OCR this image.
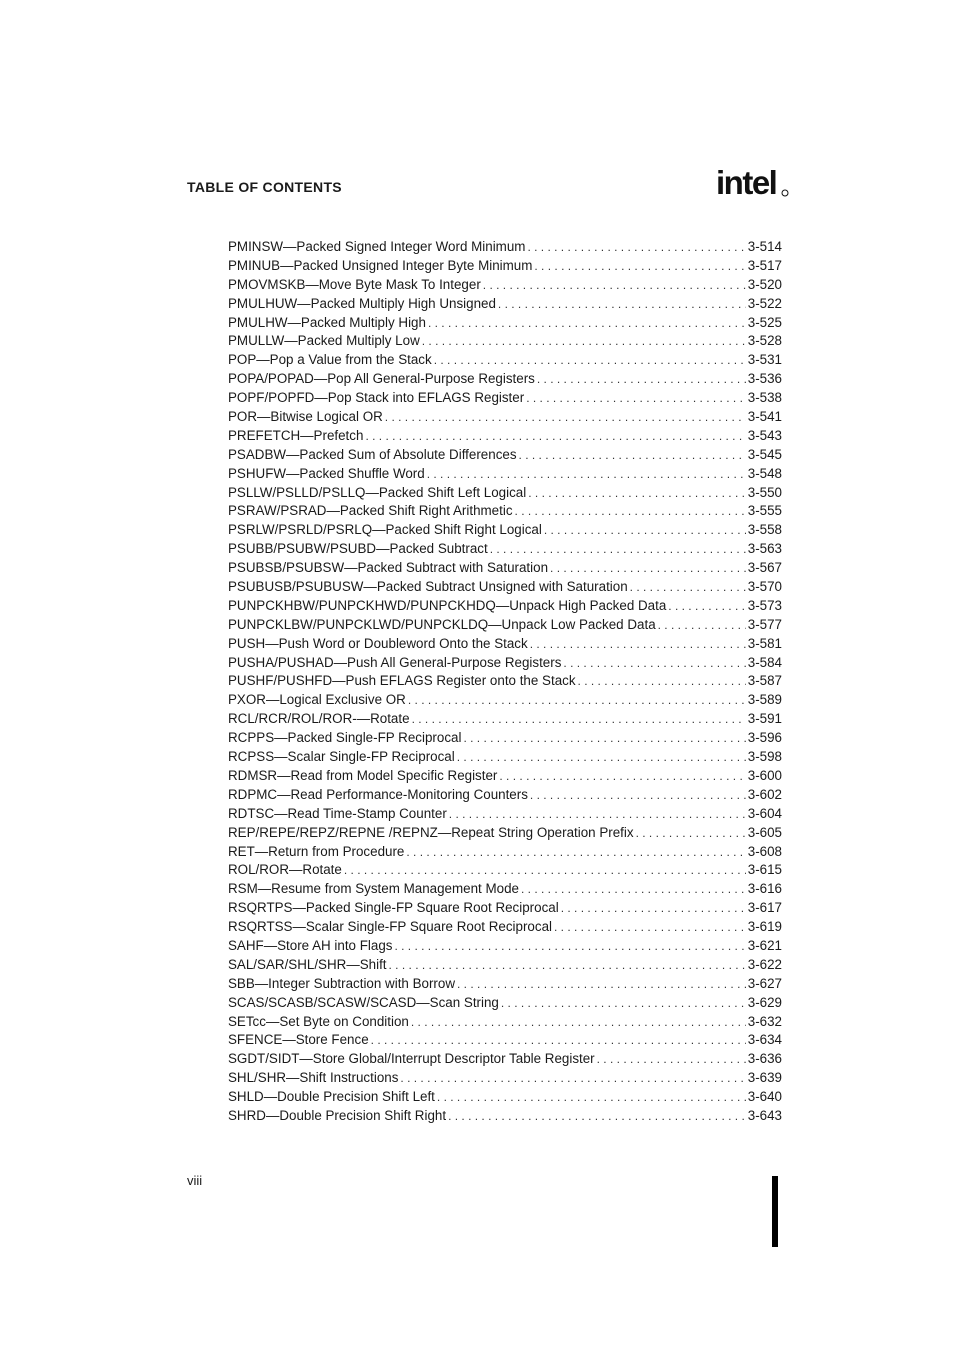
TABLE OF CONTENTS	intel
PMINSW—Packed Signed Integer Word Minimum . . .	3-514
PMINUB—Packed Unsigned Integer Byte Minimum . . .	3-517
PMOVMSKB—Move Byte Mask To Integer . . .	3-520
PMULHUW—Packed Multiply High Unsigned . . .	3-522
PMULHW—Packed Multiply High . . .	3-525
PMULLW—Packed Multiply Low . . .	3-528
POP—Pop a Value from the Stack . . .	3-531
POPA/POPAD—Pop All General-Purpose Registers . . .	3-536
POPF/POPFD—Pop Stack into EFLAGS Register . . .	3-538
POR—Bitwise Logical OR . . .	3-541
PREFETCH—Prefetch . . .	3-543
PSADBW—Packed Sum of Absolute Differences . . .	3-545
PSHUFW—Packed Shuffle Word . . .	3-548
PSLLW/PSLLD/PSLLQ—Packed Shift Left Logical . . .	3-550
PSRAW/PSRAD—Packed Shift Right Arithmetic . . .	3-555
PSRLW/PSRLD/PSRLQ—Packed Shift Right Logical . . .	3-558
PSUBB/PSUBW/PSUBD—Packed Subtract . . .	3-563
PSUBSB/PSUBSW—Packed Subtract with Saturation . . .	3-567
PSUBUSB/PSUBUSW—Packed Subtract Unsigned with Saturation . . .	3-570
PUNPCKHBW/PUNPCKHWD/PUNPCKHDQ—Unpack High Packed Data . . .	3-573
PUNPCKLBW/PUNPCKLWD/PUNPCKLDQ—Unpack Low Packed Data . . .	3-577
PUSH—Push Word or Doubleword Onto the Stack . . .	3-581
PUSHA/PUSHAD—Push All General-Purpose Registers . . .	3-584
PUSHF/PUSHFD—Push EFLAGS Register onto the Stack . . .	3-587
PXOR—Logical Exclusive OR . . .	3-589
RCL/RCR/ROL/ROR-—Rotate . . .	3-591
RCPPS—Packed Single-FP Reciprocal . . .	3-596
RCPSS—Scalar Single-FP Reciprocal . . .	3-598
RDMSR—Read from Model Specific Register . . .	3-600
RDPMC—Read Performance-Monitoring Counters . . .	3-602
RDTSC—Read Time-Stamp Counter . . .	3-604
REP/REPE/REPZ/REPNE /REPNZ—Repeat String Operation Prefix . . .	3-605
RET—Return from Procedure . . .	3-608
ROL/ROR—Rotate . . .	3-615
RSM—Resume from System Management Mode . . .	3-616
RSQRTPS—Packed Single-FP Square Root Reciprocal . . .	3-617
RSQRTSS—Scalar Single-FP Square Root Reciprocal . . .	3-619
SAHF—Store AH into Flags . . .	3-621
SAL/SAR/SHL/SHR—Shift . . .	3-622
SBB—Integer Subtraction with Borrow . . .	3-627
SCAS/SCASB/SCASW/SCASD—Scan String . . .	3-629
SETcc—Set Byte on Condition . . .	3-632
SFENCE—Store Fence . . .	3-634
SGDT/SIDT—Store Global/Interrupt Descriptor Table Register . . .	3-636
SHL/SHR—Shift Instructions . . .	3-639
SHLD—Double Precision Shift Left . . .	3-640
SHRD—Double Precision Shift Right . . .	3-643
viii
